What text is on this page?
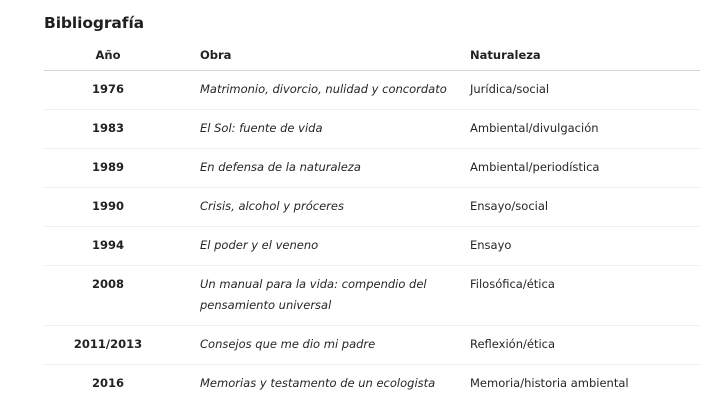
Bibliografía
Año	Obra	Naturaleza
1976	Matrimonio, divorcio, nulidad y concordato	Jurídica/social
1983	El Sol: fuente de vida	Ambiental/divulgación
1989	En defensa de la naturaleza	Ambiental/periodística
1990	Crisis, alcohol y próceres	Ensayo/social
1994	El poder y el veneno	Ensayo
2008	Un manual para la vida: compendio del pensamiento universal	Filosófica/ética
2011/2013	Consejos que me dio mi padre	Reflexión/ética
2016	Memorias y testamento de un ecologista	Memoria/historia ambiental
